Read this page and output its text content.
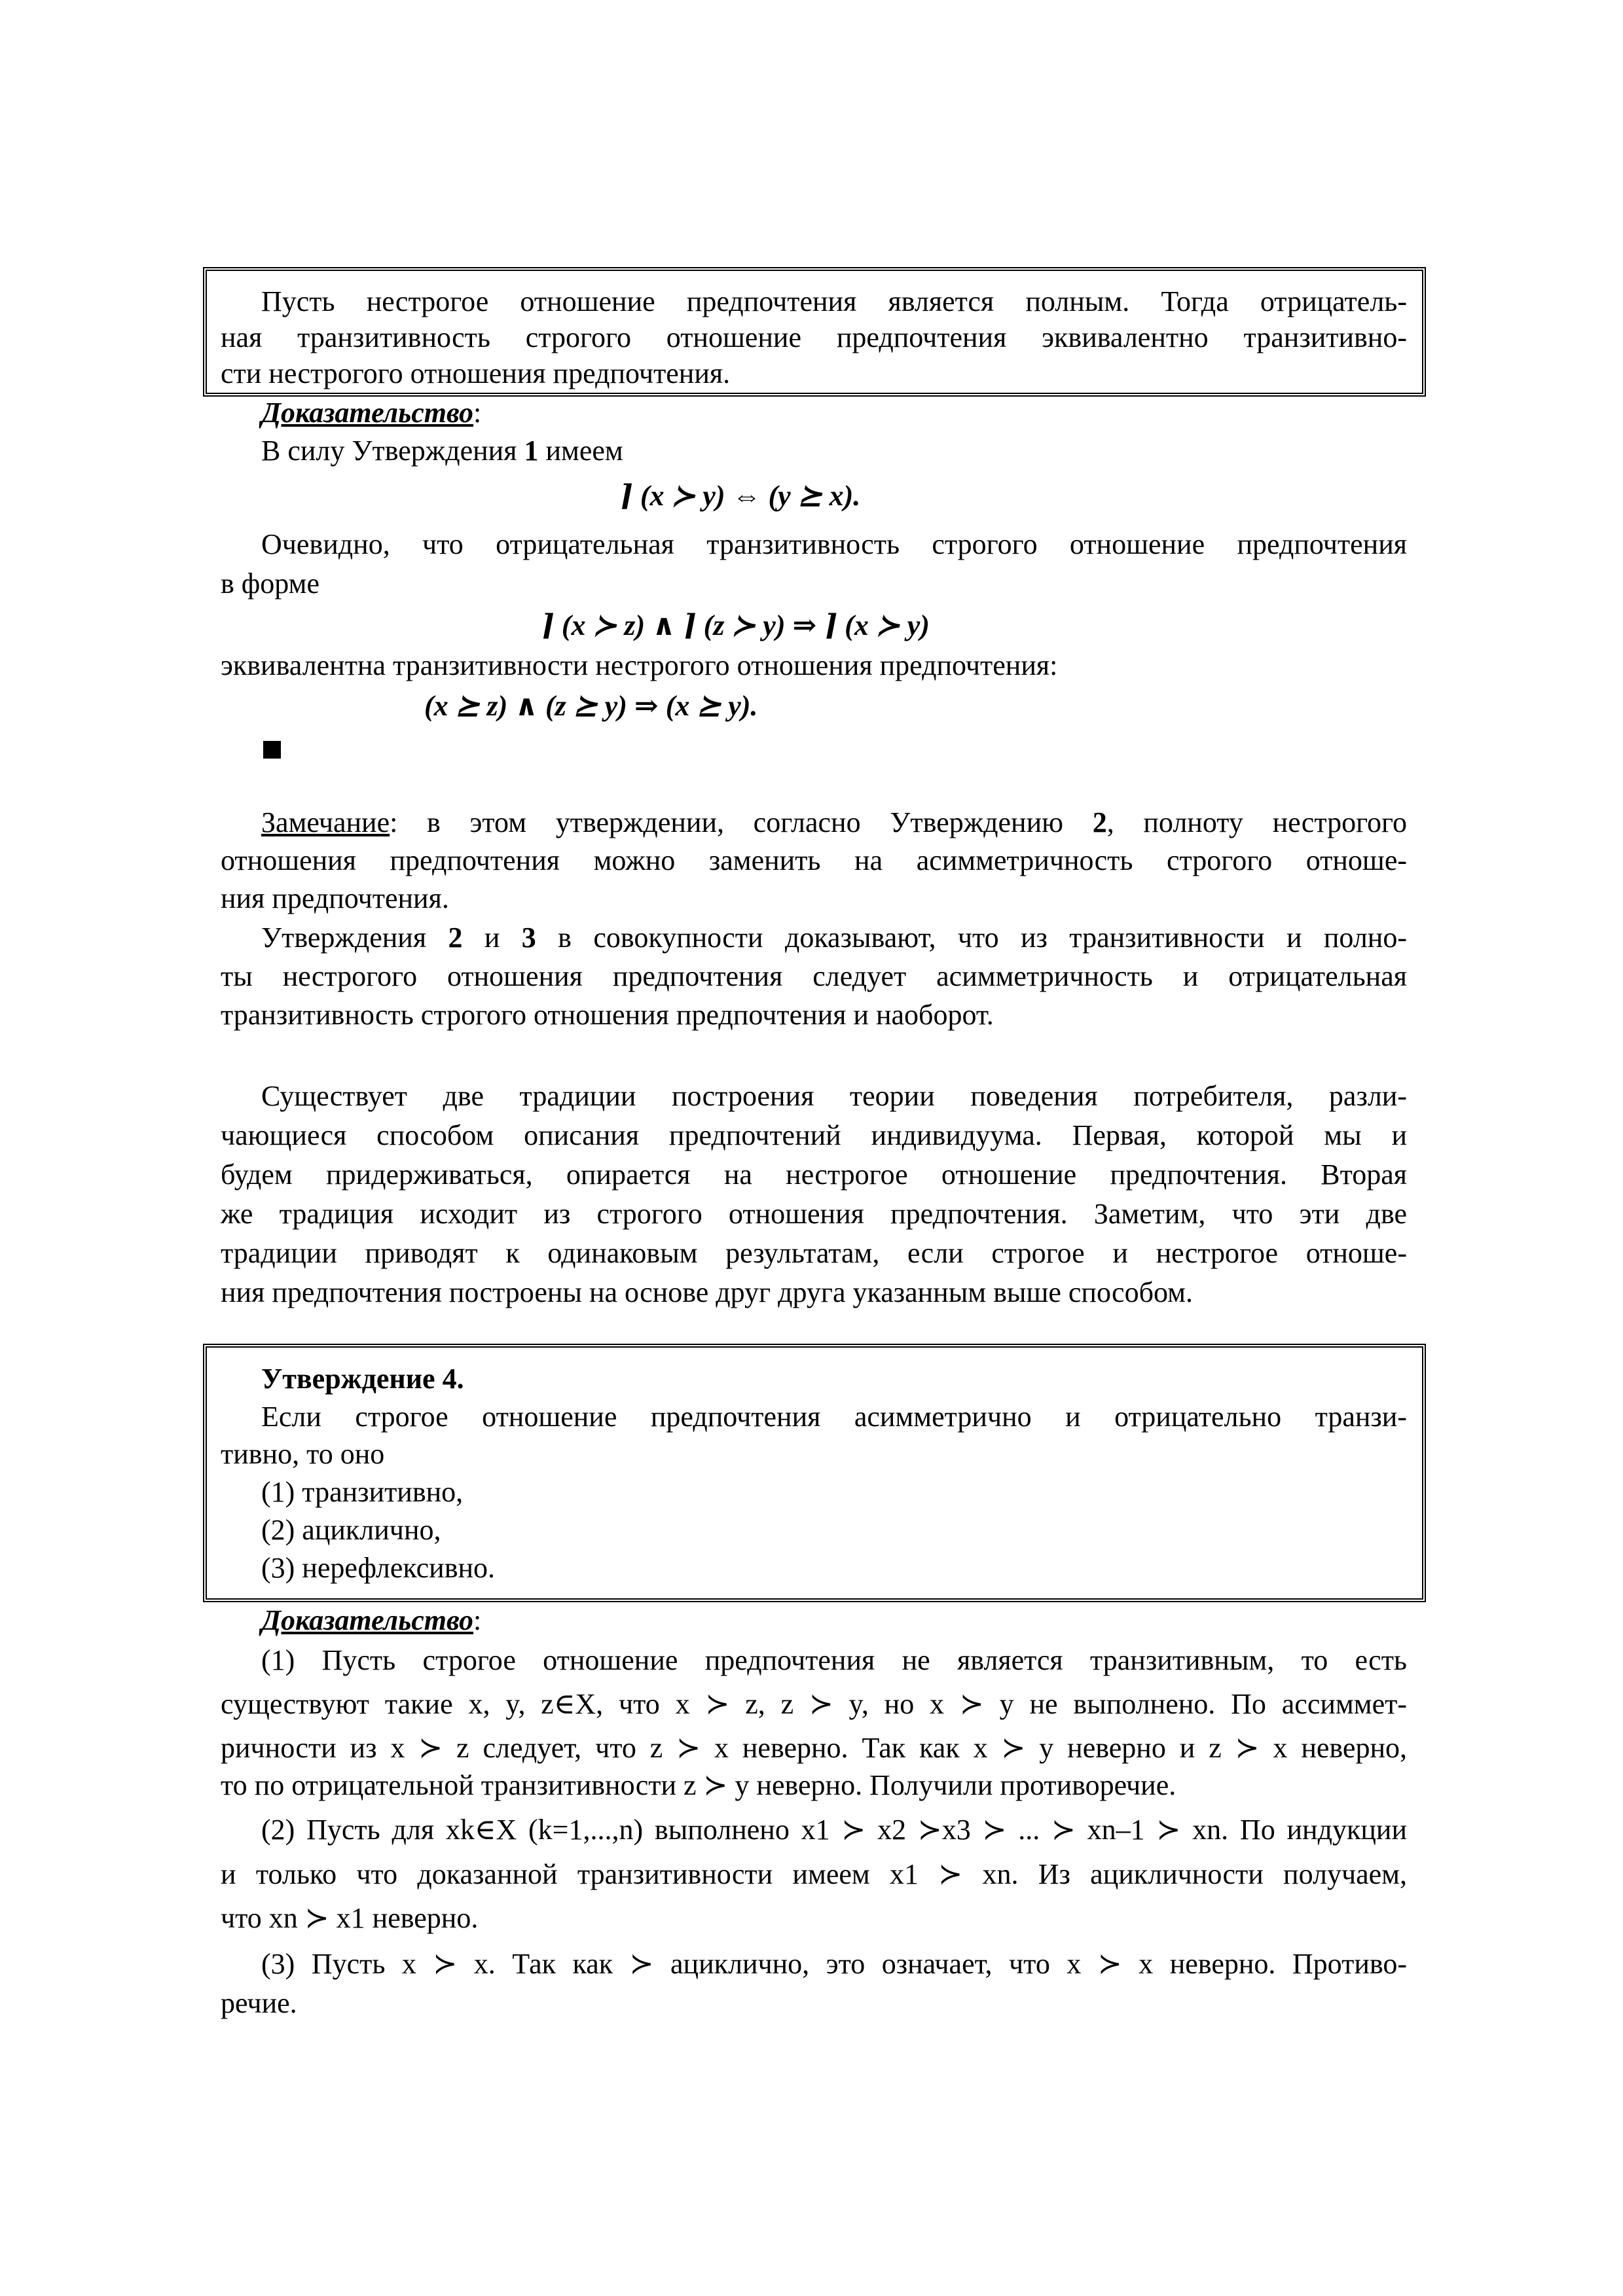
Пусть нестрогое отношение предпочтения является полным. Тогда отрицатель-
ная транзитивность строгого отношение предпочтения эквивалентно транзитивно-
сти нестрогого отношения предпочтения.
Доказательство:
В силу Утверждения 1 имеем
⌉ (x ≻ y) ⇔ (y ⪰ x).
Очевидно, что отрицательная транзитивность строгого отношение предпочтения
в форме
⌉ (x ≻ z) ∧ ⌉ (z ≻ y) ⇒ ⌉ (x ≻ y)
эквивалентна транзитивности нестрогого отношения предпочтения:
(x ⪰ z) ∧ (z ⪰ y) ⇒ (x ⪰ y).
Замечание: в этом утверждении, согласно Утверждению 2, полноту нестрогого
отношения предпочтения можно заменить на асимметричность строгого отноше-
ния предпочтения.
Утверждения 2 и 3 в совокупности доказывают, что из транзитивности и полно-
ты нестрогого отношения предпочтения следует асимметричность и отрицательная
транзитивность строгого отношения предпочтения и наоборот.
Существует две традиции построения теории поведения потребителя, разли-
чающиеся способом описания предпочтений индивидуума. Первая, которой мы и
будем придерживаться, опирается на нестрогое отношение предпочтения. Вторая
же традиция исходит из строгого отношения предпочтения. Заметим, что эти две
традиции приводят к одинаковым результатам, если строгое и нестрогое отноше-
ния предпочтения построены на основе друг друга указанным выше способом.
Утверждение 4.
Если строгое отношение предпочтения асимметрично и отрицательно транзи-
тивно, то оно
(1) транзитивно,
(2) ациклично,
(3) нерефлексивно.
Доказательство:
(1) Пусть строгое отношение предпочтения не является транзитивным, то есть
существуют такие x, y, z∈X, что x ≻ z, z ≻ y, но x ≻ y не выполнено. По ассиммет-
ричности из x ≻ z следует, что z ≻ x неверно. Так как x ≻ y неверно и z ≻ x неверно,
то по отрицательной транзитивности z ≻ y неверно. Получили противоречие.
(2) Пусть для xk∈X (k=1,...,n) выполнено x1 ≻ x2 ≻x3 ≻ ... ≻ xn–1 ≻ xn. По индукции
и только что доказанной транзитивности имеем x1 ≻ xn. Из ацикличности получаем,
что xn ≻ x1 неверно.
(3) Пусть x ≻ x. Так как ≻ ациклично, это означает, что x ≻ x неверно. Противо-
речие.
